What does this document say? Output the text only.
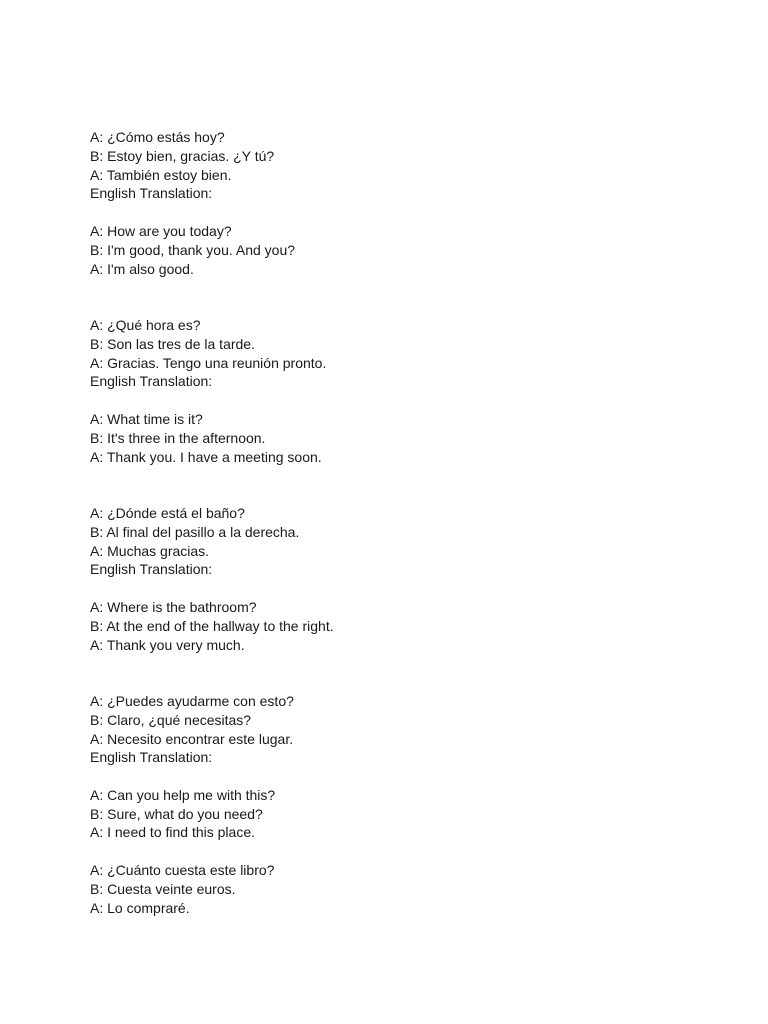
A: ¿Cómo estás hoy?
B: Estoy bien, gracias. ¿Y tú?
A: También estoy bien.
English Translation:
A: How are you today?
B: I'm good, thank you. And you?
A: I'm also good.
A: ¿Qué hora es?
B: Son las tres de la tarde.
A: Gracias. Tengo una reunión pronto.
English Translation:
A: What time is it?
B: It's three in the afternoon.
A: Thank you. I have a meeting soon.
A: ¿Dónde está el baño?
B: Al final del pasillo a la derecha.
A: Muchas gracias.
English Translation:
A: Where is the bathroom?
B: At the end of the hallway to the right.
A: Thank you very much.
A: ¿Puedes ayudarme con esto?
B: Claro, ¿qué necesitas?
A: Necesito encontrar este lugar.
English Translation:
A: Can you help me with this?
B: Sure, what do you need?
A: I need to find this place.
A: ¿Cuánto cuesta este libro?
B: Cuesta veinte euros.
A: Lo compraré.
